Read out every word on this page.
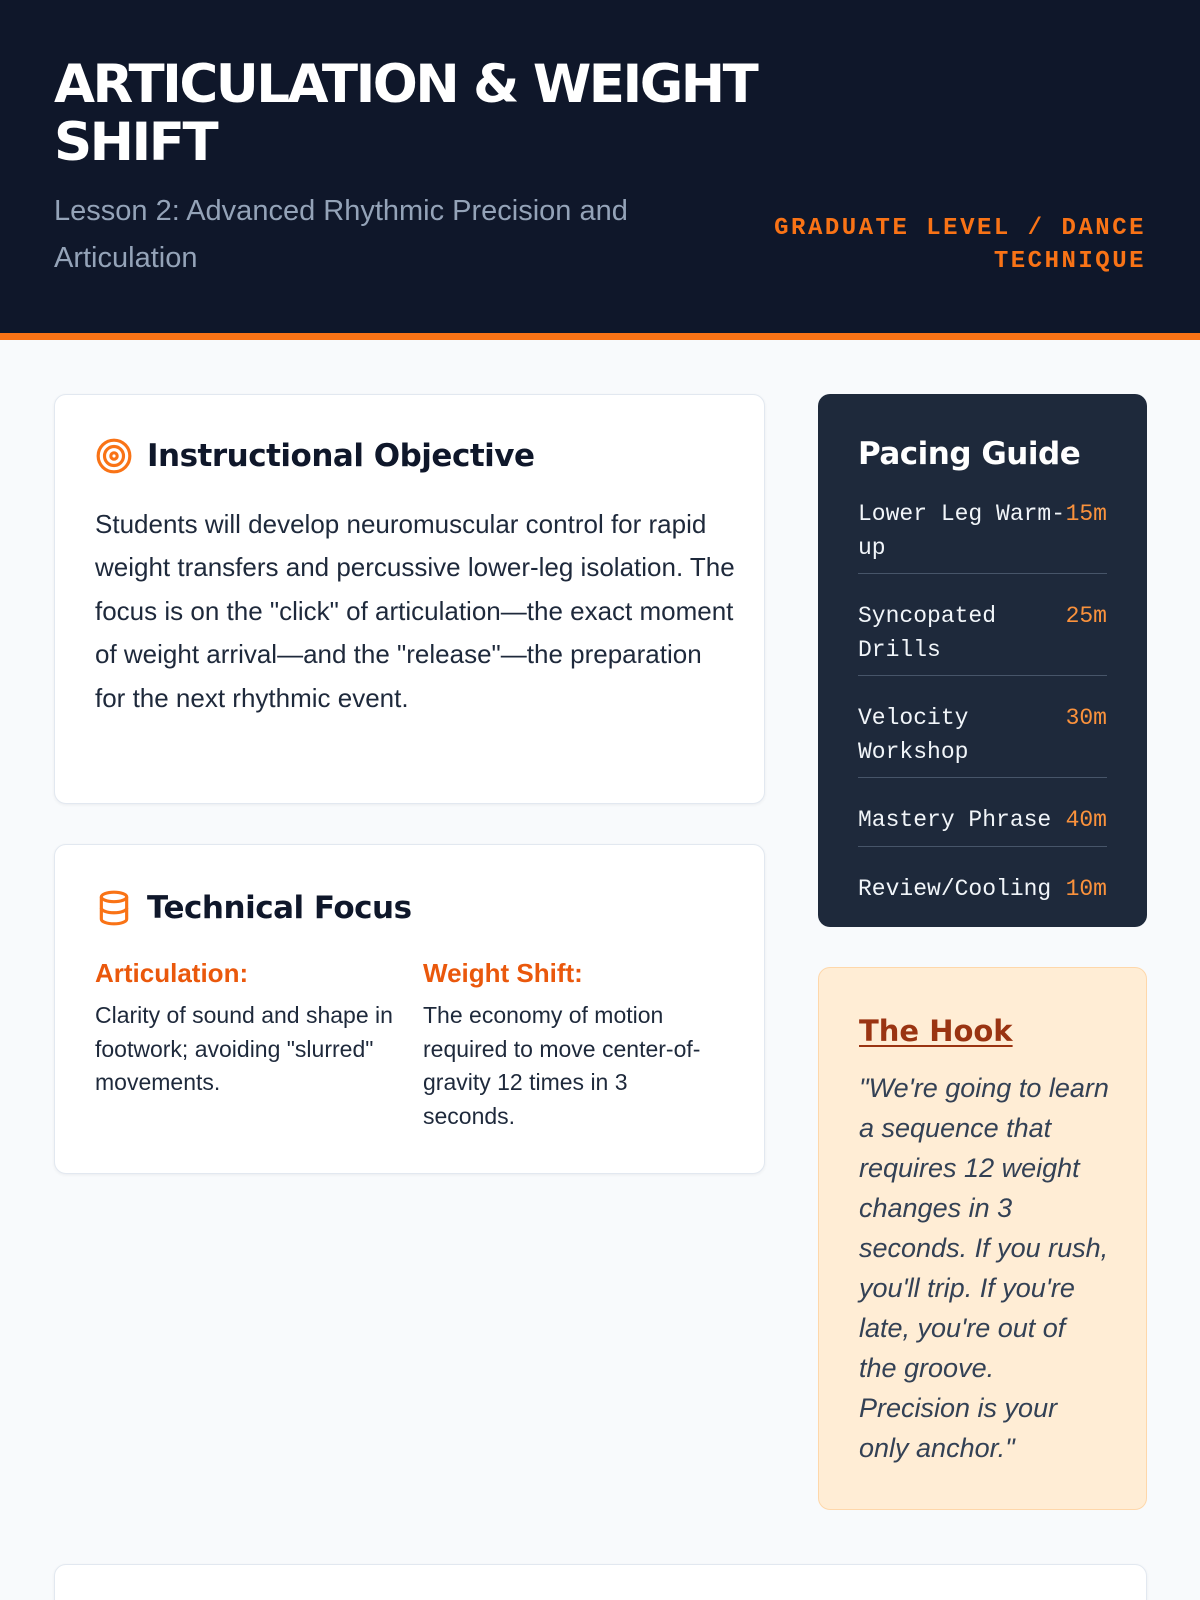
ARTICULATION & WEIGHT SHIFT

Lesson 2: Advanced Rhythmic Precision and Articulation

GRADUATE LEVEL / DANCE TECHNIQUE
Instructional Objective

Students will develop neuromuscular control for rapid weight transfers and percussive lower-leg isolation. The focus is on the "click" of articulation—the exact moment of weight arrival—and the "release"—the preparation for the next rhythmic event.

Technical Focus
Articulation:
Clarity of sound and shape in footwork; avoiding "slurred" movements.
Weight Shift:
The economy of motion required to move center-of-gravity 12 times in 3 seconds.
Pacing Guide
Lower Leg Warm-up
15m
Syncopated Drills
25m
Velocity Workshop
30m
Mastery Phrase 40m
Review/Cooling 10m
The Hook

"We're going to learn a sequence that requires 12 weight changes in 3 seconds. If you rush, you'll trip. If you're late, you're out of the groove. Precision is your only anchor."
